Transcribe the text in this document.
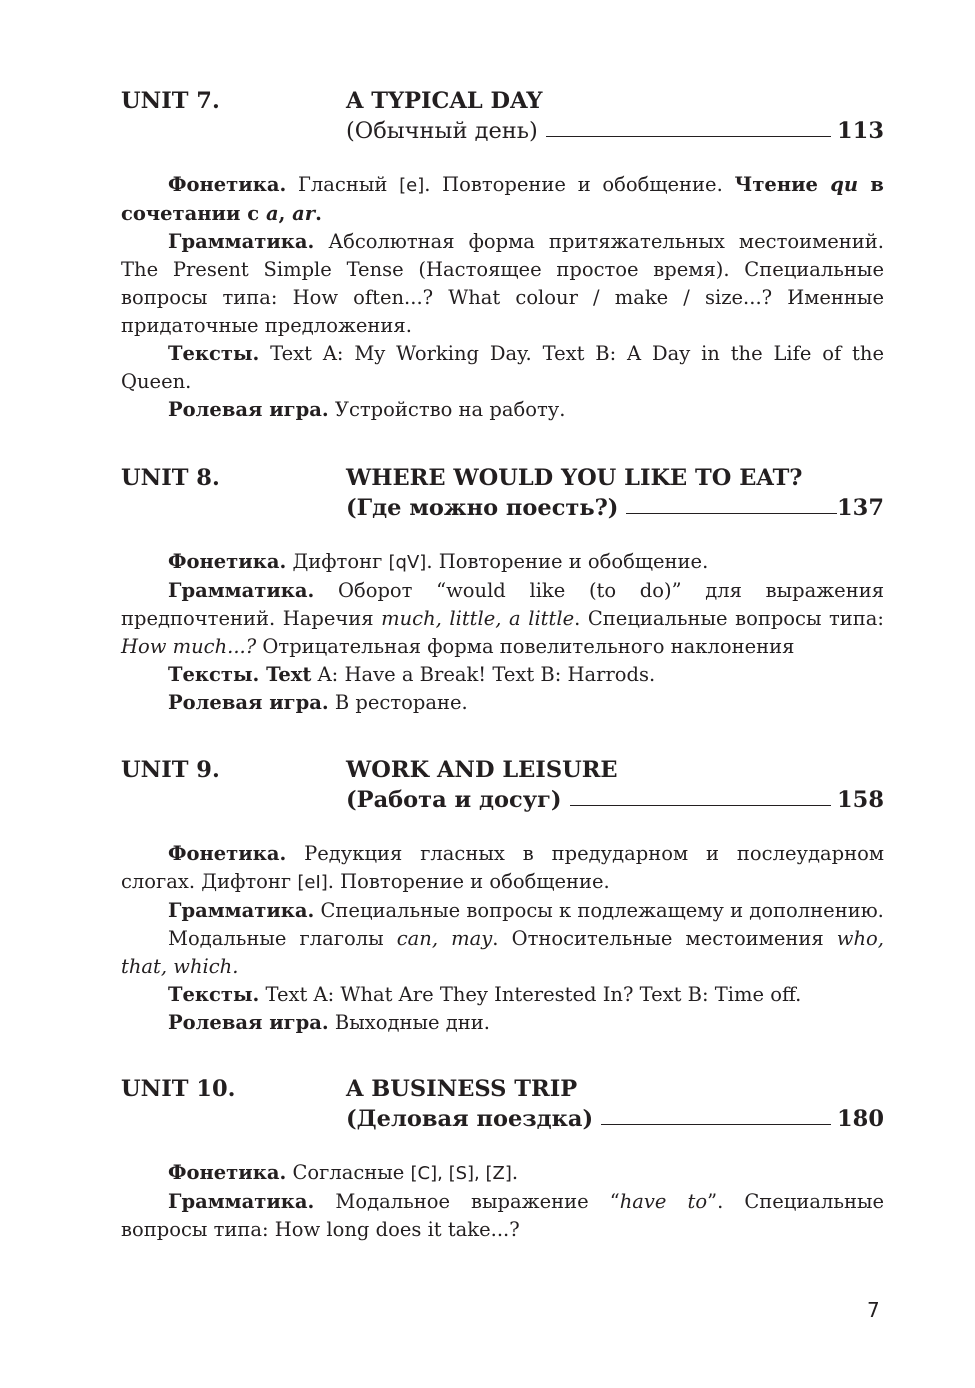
UNIT 7.	A TYPICAL DAY
(Обычный день)	113

Фонетика. Гласный [e]. Повторение и обобщение. Чтение qu в сочетании с a, ar.

Грамматика. Абсолютная форма притяжательных местоимений. The Present Simple Tense (Настоящее простое время). Специальные вопросы типа: How often...? What colour / make / size...? Именные придаточные предложения.

Тексты. Text A: My Working Day. Text B: A Day in the Life of the Queen.

Ролевая игра. Устройство на работу.

UNIT 8.	WHERE WOULD YOU LIKE TO EAT?
(Где можно поесть?)	137

Фонетика. Дифтонг [qV]. Повторение и обобщение.

Грамматика. Оборот “would like (to do)” для выражения предпочтений. Наречия much, little, a little. Специальные вопросы типа: How much...? Отрицательная форма повелительного наклонения

Тексты. Text A: Have a Break! Text B: Harrods.

Ролевая игра. В ресторане.

UNIT 9.	WORK AND LEISURE
(Работа и досуг)	158

Фонетика. Редукция гласных в предударном и послеударном слогах. Дифтонг [eI]. Повторение и обобщение.

Грамматика. Специальные вопросы к подлежащему и дополнению.

Модальные глаголы can, may. Относительные местоимения who, that, which.

Тексты. Text A: What Are They Interested In? Text B: Time off.

Ролевая игра. Выходные дни.

UNIT 10.	A BUSINESS TRIP
(Деловая поездка)	180

Фонетика. Согласные [C], [S], [Z].

Грамматика. Модальное выражение “have to”. Специальные вопросы типа: How long does it take...?

7
